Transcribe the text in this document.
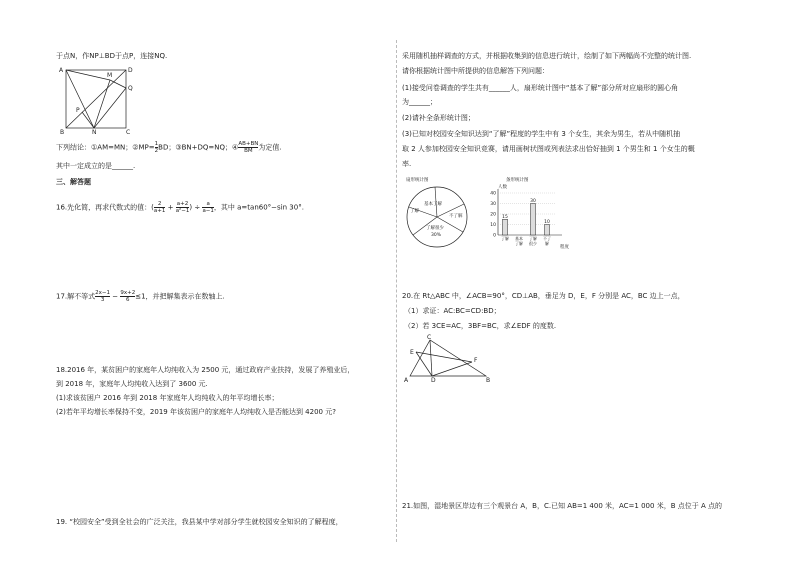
于点N，作NP⊥BD于点P，连接NQ.
A	D
M
Q
P
B	N	C
下列结论：①AM=MN；②MP= $\frac{1}{2}$ BD；③BN+DQ=NQ；④ $\frac{AB+BN}{BM}$ 为定值.
其中一定成立的是______.
三、解答题
16.先化简，再求代数式的值：( $\frac{2}{a+1} + \frac{a+2}{\text{a²−1}}$ ) ÷ $\frac{a}{a-1}$ ，其中 a=tan60°−sin 30°.
17.解不等式 $\frac{2x-1}{3} - \frac{9x+2}{6} \le 1$，并把解集表示在数轴上.
18.2016 年，某贫困户的家庭年人均纯收入为 2500 元，通过政府产业扶持，发展了养殖业后，
到 2018 年，家庭年人均纯收入达到了 3600 元.
(1)求该贫困户 2016 年到 2018 年家庭年人均纯收入的年平均增长率；
(2)若年平均增长率保持不变，2019 年该贫困户的家庭年人均纯收入是否能达到 4200 元?
19. “校园安全”受到全社会的广泛关注，我县某中学对部分学生就校园安全知识的了解程度，
采用随机抽样调查的方式，并根据收集到的信息进行统计，绘制了如下两幅尚不完整的统计图.
请你根据统计图中所提供的信息解答下列问题：
(1)接受问卷调查的学生共有______人，扇形统计图中“基本了解”部分所对应扇形的圆心角
为______；
(2)请补全条形统计图；
(3)已知对校园安全知识达到“了解”程度的学生中有 3 个女生，其余为男生，若从中随机抽
取 2 人参加校园安全知识竞赛，请用画树状图或列表法求出恰好抽到 1 个男生和 1 个女生的概
率.
扇形统计图
基本了解
了解
不了解
了解很少
30%
条形统计图
人数
程度
0
10
20
30
40
15
了解 基本
了解
30
了解
很少
10
不了
解
20.在 Rt△ABC 中，∠ACB=90°，CD⊥AB，垂足为 D，E，F 分别是 AC，BC 边上一点，
（1）求证：AC:BC=CD:BD；
（2）若 3CE=AC，3BF=BC，求∠EDF 的度数.
C
E
F
A	D	B
21.如图，湿地景区岸边有三个观景台 A，B，C.已知 AB=1 400 米，AC=1 000 米，B 点位于 A 点的
